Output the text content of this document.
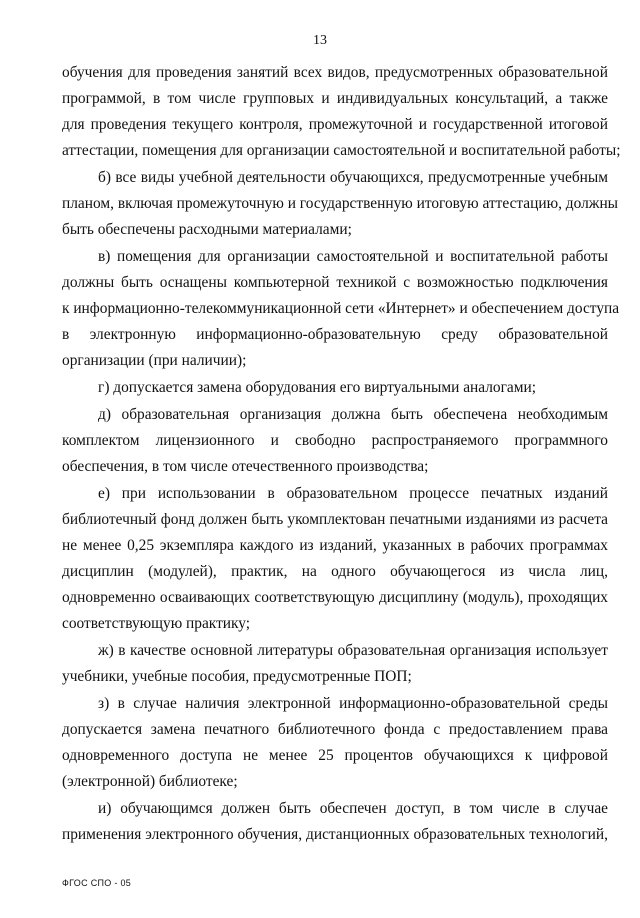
13

обучения для проведения занятий всех видов, предусмотренных образовательной
программой, в том числе групповых и индивидуальных консультаций, а также
для проведения текущего контроля, промежуточной и государственной итоговой
аттестации, помещения для организации самостоятельной и воспитательной работы;

б) все виды учебной деятельности обучающихся, предусмотренные учебным
планом, включая промежуточную и государственную итоговую аттестацию, должны
быть обеспечены расходными материалами;

в) помещения для организации самостоятельной и воспитательной работы
должны быть оснащены компьютерной техникой с возможностью подключения
к информационно-телекоммуникационной сети «Интернет» и обеспечением доступа
в электронную информационно-образовательную среду образовательной
организации (при наличии);

г) допускается замена оборудования его виртуальными аналогами;

д) образовательная организация должна быть обеспечена необходимым
комплектом лицензионного и свободно распространяемого программного
обеспечения, в том числе отечественного производства;

е) при использовании в образовательном процессе печатных изданий
библиотечный фонд должен быть укомплектован печатными изданиями из расчета
не менее 0,25 экземпляра каждого из изданий, указанных в рабочих программах
дисциплин (модулей), практик, на одного обучающегося из числа лиц,
одновременно осваивающих соответствующую дисциплину (модуль), проходящих
соответствующую практику;

ж) в качестве основной литературы образовательная организация использует
учебники, учебные пособия, предусмотренные ПОП;

з) в случае наличия электронной информационно-образовательной среды
допускается замена печатного библиотечного фонда с предоставлением права
одновременного доступа не менее 25 процентов обучающихся к цифровой
(электронной) библиотеке;

и) обучающимся должен быть обеспечен доступ, в том числе в случае
применения электронного обучения, дистанционных образовательных технологий,

ФГОС СПО - 05
